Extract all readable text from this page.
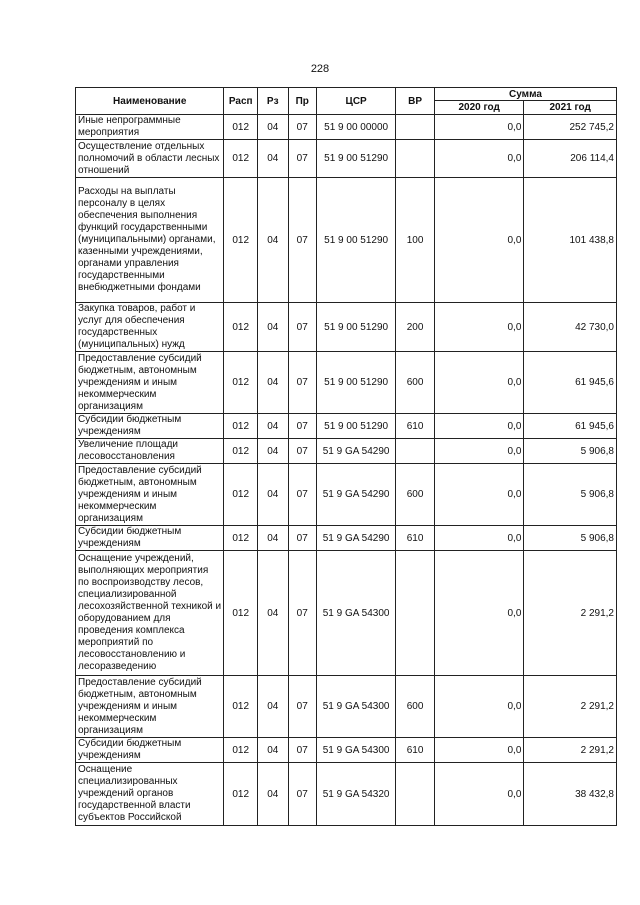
228
Наименование	Расп	Рз	Пр	ЦСР	ВР	Сумма	
						2020 год	2021 год
Иные непрограммные мероприятия	012	04	07	51 9 00 00000		0,0	252 745,2
Осуществление отдельных полномочий в области лесных отношений	012	04	07	51 9 00 51290		0,0	206 114,4
Расходы на выплаты персоналу в целях обеспечения выполнения функций государственными (муниципальными) органами, казенными учреждениями, органами управления государственными внебюджетными фондами	012	04	07	51 9 00 51290	100	0,0	101 438,8
Закупка товаров, работ и услуг для обеспечения государственных (муниципальных) нужд	012	04	07	51 9 00 51290	200	0,0	42 730,0
Предоставление субсидий бюджетным, автономным учреждениям и иным некоммерческим организациям	012	04	07	51 9 00 51290	600	0,0	61 945,6
Субсидии бюджетным учреждениям	012	04	07	51 9 00 51290	610	0,0	61 945,6
Увеличение площади лесовосстановления	012	04	07	51 9 GA 54290		0,0	5 906,8
Предоставление субсидий бюджетным, автономным учреждениям и иным некоммерческим организациям	012	04	07	51 9 GA 54290	600	0,0	5 906,8
Субсидии бюджетным учреждениям	012	04	07	51 9 GA 54290	610	0,0	5 906,8
Оснащение учреждений, выполняющих мероприятия по воспроизводству лесов, специализированной лесохозяйственной техникой и оборудованием для проведения комплекса мероприятий по лесовосстановлению и лесоразведению	012	04	07	51 9 GA 54300		0,0	2 291,2
Предоставление субсидий бюджетным, автономным учреждениям и иным некоммерческим организациям	012	04	07	51 9 GA 54300	600	0,0	2 291,2
Субсидии бюджетным учреждениям	012	04	07	51 9 GA 54300	610	0,0	2 291,2
Оснащение специализированных учреждений органов государственной власти субъектов Российской	012	04	07	51 9 GA 54320		0,0	38 432,8
